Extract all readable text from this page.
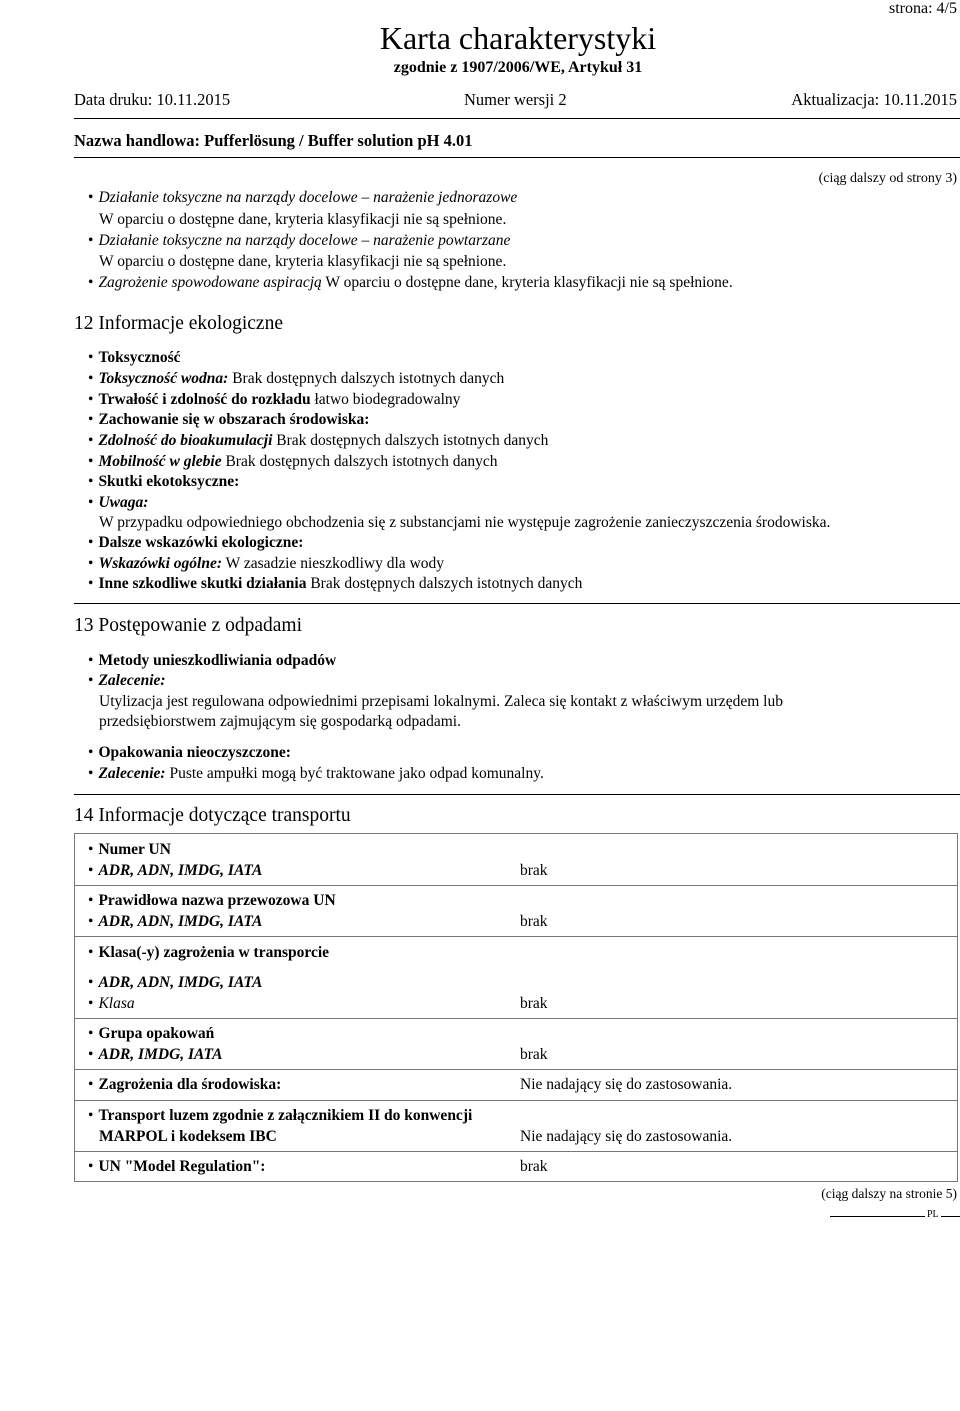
strona: 4/5
Karta charakterystyki
zgodnie z 1907/2006/WE, Artykuł 31
Data druku: 10.11.2015	Numer wersji 2	Aktualizacja: 10.11.2015
Nazwa handlowa: Pufferlösung / Buffer solution pH 4.01
(ciąg dalszy od strony 3)
• Działanie toksyczne na narządy docelowe – narażenie jednorazowe
W oparciu o dostępne dane, kryteria klasyfikacji nie są spełnione.
• Działanie toksyczne na narządy docelowe – narażenie powtarzane
W oparciu o dostępne dane, kryteria klasyfikacji nie są spełnione.
• Zagrożenie spowodowane aspiracją W oparciu o dostępne dane, kryteria klasyfikacji nie są spełnione.
12 Informacje ekologiczne
• Toksyczność
• Toksyczność wodna: Brak dostępnych dalszych istotnych danych
• Trwałość i zdolność do rozkładu łatwo biodegradowalny
• Zachowanie się w obszarach środowiska:
• Zdolność do bioakumulacji Brak dostępnych dalszych istotnych danych
• Mobilność w glebie Brak dostępnych dalszych istotnych danych
• Skutki ekotoksyczne:
• Uwaga:
W przypadku odpowiedniego obchodzenia się z substancjami nie występuje zagrożenie zanieczyszczenia środowiska.
• Dalsze wskazówki ekologiczne:
• Wskazówki ogólne: W zasadzie nieszkodliwy dla wody
• Inne szkodliwe skutki działania Brak dostępnych dalszych istotnych danych
13 Postępowanie z odpadami
• Metody unieszkodliwiania odpadów
• Zalecenie:
Utylizacja jest regulowana odpowiednimi przepisami lokalnymi. Zaleca się kontakt z właściwym urzędem lub
przedsiębiorstwem zajmującym się gospodarką odpadami.
• Opakowania nieoczyszczone:
• Zalecenie: Puste ampułki mogą być traktowane jako odpad komunalny.
14 Informacje dotyczące transportu
• Numer UN
• ADR, ADN, IMDG, IATA	brak
• Prawidłowa nazwa przewozowa UN
• ADR, ADN, IMDG, IATA	brak
• Klasa(-y) zagrożenia w transporcie
• ADR, ADN, IMDG, IATA
• Klasa	brak
• Grupa opakowań
• ADR, IMDG, IATA	brak
• Zagrożenia dla środowiska:	Nie nadający się do zastosowania.
• Transport luzem zgodnie z załącznikiem II do konwencji
MARPOL i kodeksem IBC	Nie nadający się do zastosowania.
• UN "Model Regulation":	brak
(ciąg dalszy na stronie 5)
PL
